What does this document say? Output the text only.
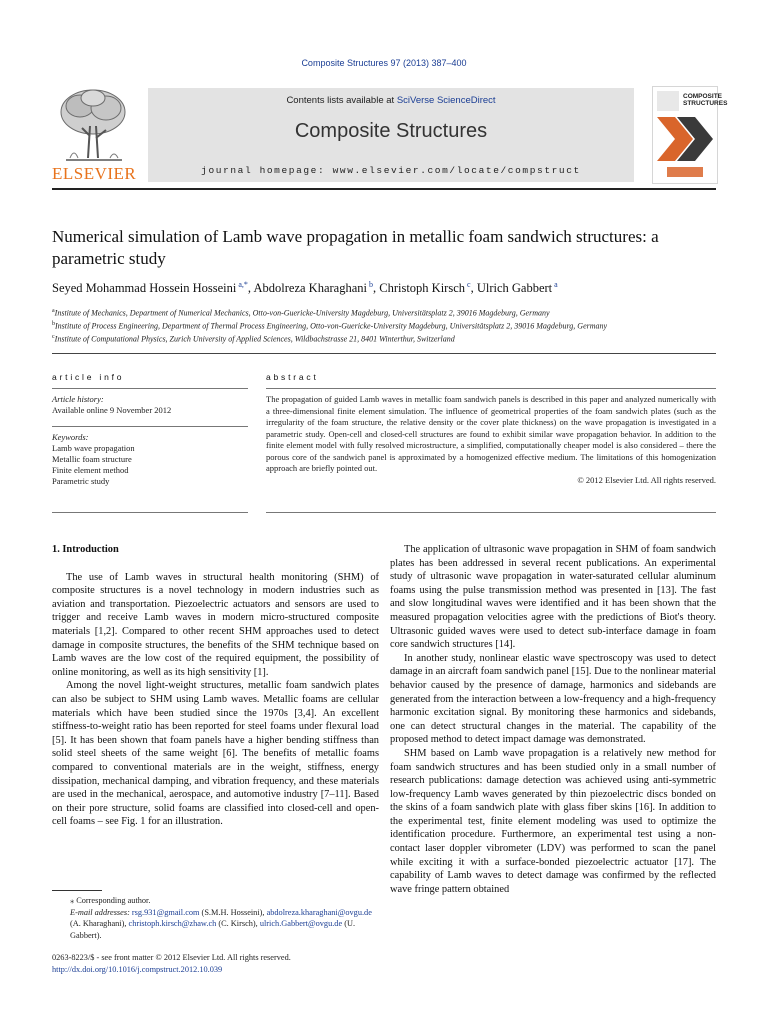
Composite Structures 97 (2013) 387–400
ELSEVIER
Contents lists available at SciVerse ScienceDirect
Composite Structures
journal homepage: www.elsevier.com/locate/compstruct
COMPOSITE
STRUCTURES
Numerical simulation of Lamb wave propagation in metallic foam sandwich structures: a parametric study
Seyed Mohammad Hossein Hosseini $^{a,*}$, Abdolreza Kharaghani $^b$, Christoph Kirsch $^c$, Ulrich Gabbert $^a$
$^a$Institute of Mechanics, Department of Numerical Mechanics, Otto-von-Guericke-University Magdeburg, Universitätsplatz 2, 39016 Magdeburg, Germany
$^b$Institute of Process Engineering, Department of Thermal Process Engineering, Otto-von-Guericke-University Magdeburg, Universitätsplatz 2, 39016 Magdeburg, Germany
$^c$Institute of Computational Physics, Zurich University of Applied Sciences, Wildbachstrasse 21, 8401 Winterthur, Switzerland
article info	abstract
Article history:
Available online 9 November 2012
Keywords:
Lamb wave propagation
Metallic foam structure
Finite element method
Parametric study
The propagation of guided Lamb waves in metallic foam sandwich panels is described in this paper and analyzed numerically with a three-dimensional finite element simulation. The influence of geometrical properties of the foam sandwich plates (such as the irregularity of the foam structure, the relative density or the cover plate thickness) on the wave propagation is investigated in a parametric study. Open-cell and closed-cell structures are found to exhibit similar wave propagation behavior. In addition to the finite element model with fully resolved microstructure, a simplified, computationally cheaper model is also considered – there the porous core of the sandwich panel is approximated by a homogenized effective medium. The limitations of this homogenization approach are briefly pointed out.
© 2012 Elsevier Ltd. All rights reserved.

1. Introduction

The use of Lamb waves in structural health monitoring (SHM) of composite structures is a novel technology in modern industries such as aviation and transportation. Piezoelectric actuators and sensors are used to trigger and receive Lamb waves in modern micro-structured composite materials [1,2]. Compared to other recent SHM approaches used to detect damage in composite structures, the benefits of the SHM technique based on Lamb waves are the low cost of the required equipment, the possibility of online monitoring, as well as its high sensitivity [1].

Among the novel light-weight structures, metallic foam sandwich plates can also be subject to SHM using Lamb waves. Metallic foams are cellular materials which have been studied since the 1970s [3,4]. An excellent stiffness-to-weight ratio has been reported for steel foams under flexural load [5]. It has been shown that foam panels have a higher bending stiffness than solid steel sheets of the same weight [6]. The benefits of metallic foams compared to conventional materials are in the weight, stiffness, energy dissipation, mechanical damping, and vibration frequency, and these materials are used in the mechanical, aerospace, and automotive industry [7–11]. Based on their pore structure, solid foams are classified into closed-cell and open-cell foams – see Fig. 1 for an illustration.

The application of ultrasonic wave propagation in SHM of foam sandwich plates has been addressed in several recent publications. An experimental study of ultrasonic wave propagation in water-saturated cellular aluminum foams using the pulse transmission method was presented in [13]. The fast and slow longitudinal waves were identified and it has been shown that the measured propagation velocities agree with the predictions of Biot's theory. Ultrasonic guided waves were used to detect sub-interface damage in foam core sandwich structures [14].

In another study, nonlinear elastic wave spectroscopy was used to detect damage in an aircraft foam sandwich panel [15]. Due to the nonlinear material behavior caused by the presence of damage, harmonics and sidebands are generated from the interaction between a low-frequency and a high-frequency harmonic excitation signal. By monitoring these harmonics and sidebands, one can detect structural changes in the material. The capability of the proposed method to detect impact damage was demonstrated.

SHM based on Lamb wave propagation is a relatively new method for foam sandwich structures and has been studied only in a small number of research publications: damage detection was achieved using anti-symmetric low-frequency Lamb waves generated by thin piezoelectric discs bonded on the skins of a foam sandwich plate with glass fiber skins [16]. In addition to the experimental test, finite element modeling was used to optimize the identification procedure. Furthermore, an experimental test using a non-contact laser doppler vibrometer (LDV) was performed to scan the panel while exciting it with a surface-bonded piezoelectric actuator [17]. The capability of Lamb waves to detect damage was confirmed by the reflected wave fringe pattern obtained

⁎ Corresponding author.
E-mail addresses: rsg.931@gmail.com (S.M.H. Hosseini), abdolreza.kharaghani@ovgu.de (A. Kharaghani), christoph.kirsch@zhaw.ch (C. Kirsch), ulrich.Gabbert@ovgu.de (U. Gabbert).
0263-8223/$ - see front matter © 2012 Elsevier Ltd. All rights reserved.
http://dx.doi.org/10.1016/j.compstruct.2012.10.039
